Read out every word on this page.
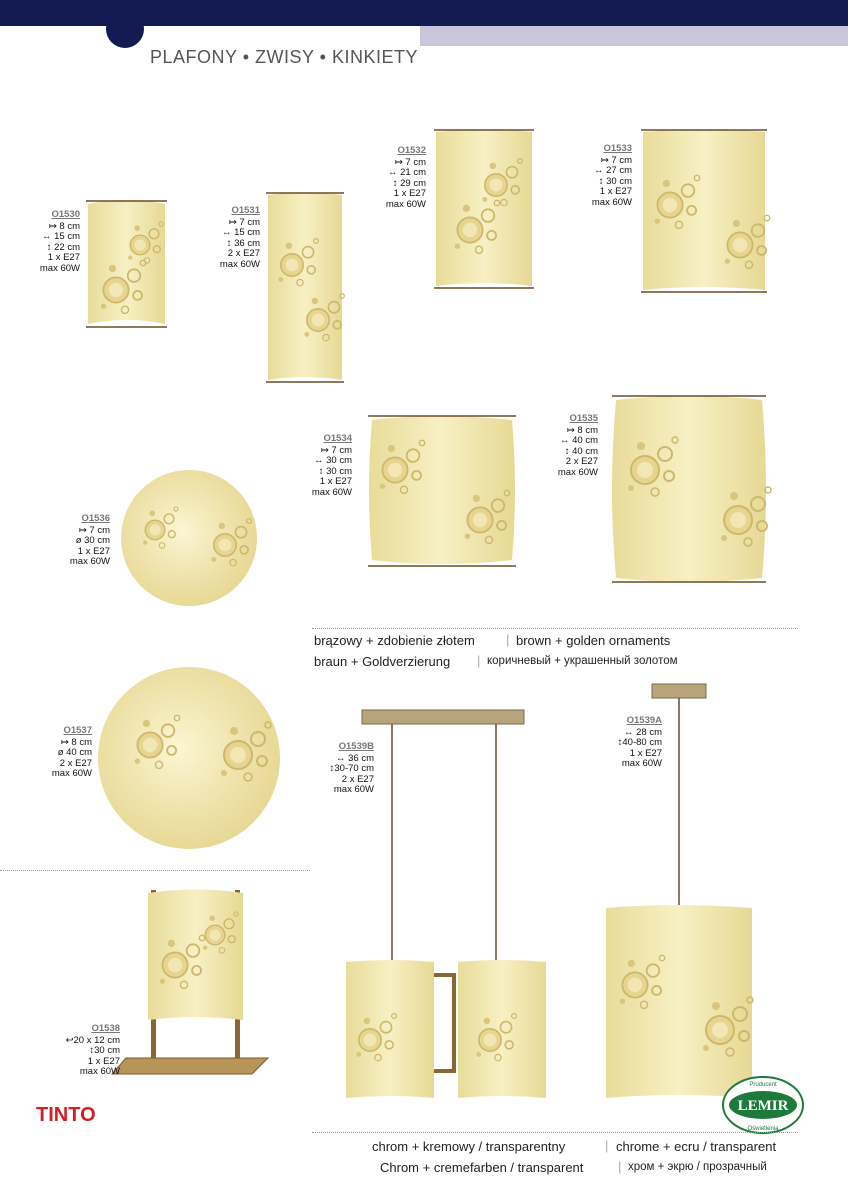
PLAFONY • ZWISY • KINKIETY
O1530
↦ 8 cm
↔ 15 cm
↕ 22 cm
1 x E27
max 60W
O1531
↦ 7 cm
↔ 15 cm
↕ 36 cm
2 x E27
max 60W
O1532
↦ 7 cm
↔ 21 cm
↕ 29 cm
1 x E27
max 60W
O1533
↦ 7 cm
↔ 27 cm
↕ 30 cm
1 x E27
max 60W
O1534
↦ 7 cm
↔ 30 cm
↕ 30 cm
1 x E27
max 60W
O1535
↦ 8 cm
↔ 40 cm
↕ 40 cm
2 x E27
max 60W
O1536
↦ 7 cm
ø 30 cm
1 x E27
max 60W
O1537
↦ 8 cm
ø 40 cm
2 x E27
max 60W
O1539B
↔ 36 cm
↕30-70 cm
2 x E27
max 60W
O1539A
↔ 28 cm
↕40-80 cm
1 x E27
max 60W
O1538
↩20 x 12 cm
↕30 cm
1 x E27
max 60W
brązowy + zdobienie złotem | brown + golden ornaments
braun + Goldverzierung | коричневый + украшенный золотом
TINTO	LEMIR
Producent
Oświetlenia
chrom + kremowy / transparentny	| chrome + ecru / transparent
Chrom + cremefarben / transparent	| хром + экрю / прозрачный
